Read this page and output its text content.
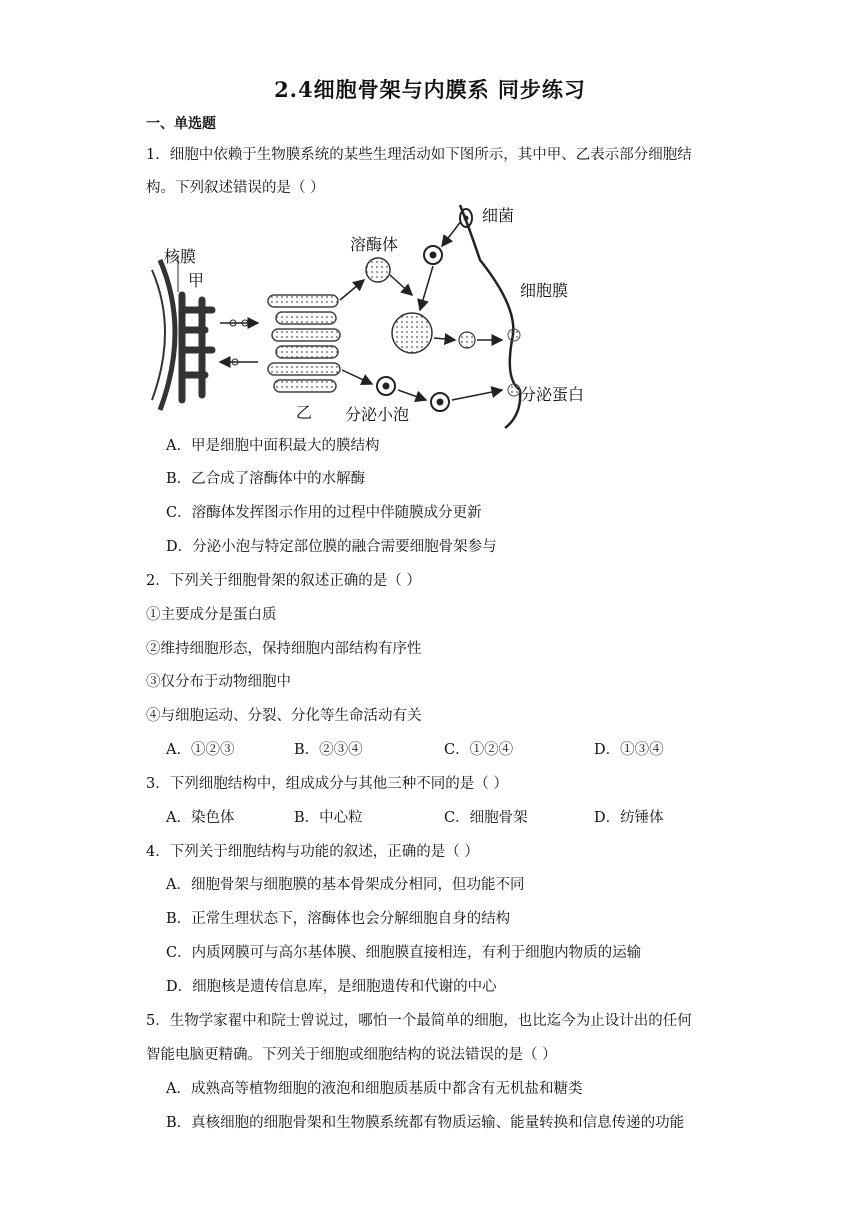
2.4细胞骨架与内膜系 同步练习
一、单选题
1．细胞中依赖于生物膜系统的某些生理活动如下图所示，其中甲、乙表示部分细胞结
构。下列叙述错误的是（ ）
细菌
核膜
甲
溶酶体
细胞膜
乙 分泌小泡
分泌蛋白
A．甲是细胞中面积最大的膜结构
B．乙合成了溶酶体中的水解酶
C．溶酶体发挥图示作用的过程中伴随膜成分更新
D．分泌小泡与特定部位膜的融合需要细胞骨架参与
2．下列关于细胞骨架的叙述正确的是（ ）
①主要成分是蛋白质
②维持细胞形态，保持细胞内部结构有序性
③仅分布于动物细胞中
④与细胞运动、分裂、分化等生命活动有关
A．①②③	B．②③④	C．①②④	D．①③④
3．下列细胞结构中，组成成分与其他三种不同的是（ ）
A．染色体	B．中心粒	C．细胞骨架	D．纺锤体
4．下列关于细胞结构与功能的叙述，正确的是（ ）
A．细胞骨架与细胞膜的基本骨架成分相同，但功能不同
B．正常生理状态下，溶酶体也会分解细胞自身的结构
C．内质网膜可与高尔基体膜、细胞膜直接相连，有利于细胞内物质的运输
D．细胞核是遗传信息库，是细胞遗传和代谢的中心
5．生物学家翟中和院士曾说过，哪怕一个最简单的细胞，也比迄今为止设计出的任何
智能电脑更精确。下列关于细胞或细胞结构的说法错误的是（ ）
A．成熟高等植物细胞的液泡和细胞质基质中都含有无机盐和糖类
B．真核细胞的细胞骨架和生物膜系统都有物质运输、能量转换和信息传递的功能
